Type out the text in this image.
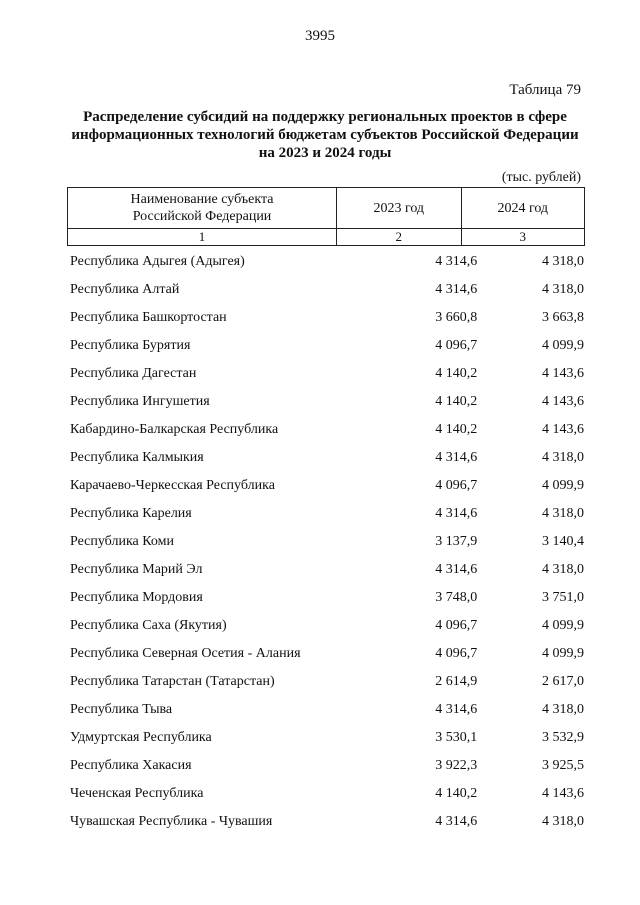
3995
Таблица 79
Распределение субсидий на поддержку региональных проектов в сфере
информационных технологий бюджетам субъектов Российской Федерации
на 2023 и 2024 годы
(тыс. рублей)
Наименование субъекта
Российской Федерации	2023 год	2024 год
1	2	3
Республика Адыгея (Адыгея)	4 314,6	4 318,0
Республика Алтай	4 314,6	4 318,0
Республика Башкортостан	3 660,8	3 663,8
Республика Бурятия	4 096,7	4 099,9
Республика Дагестан	4 140,2	4 143,6
Республика Ингушетия	4 140,2	4 143,6
Кабардино-Балкарская Республика	4 140,2	4 143,6
Республика Калмыкия	4 314,6	4 318,0
Карачаево-Черкесская Республика	4 096,7	4 099,9
Республика Карелия	4 314,6	4 318,0
Республика Коми	3 137,9	3 140,4
Республика Марий Эл	4 314,6	4 318,0
Республика Мордовия	3 748,0	3 751,0
Республика Саха (Якутия)	4 096,7	4 099,9
Республика Северная Осетия - Алания	4 096,7	4 099,9
Республика Татарстан (Татарстан)	2 614,9	2 617,0
Республика Тыва	4 314,6	4 318,0
Удмуртская Республика	3 530,1	3 532,9
Республика Хакасия	3 922,3	3 925,5
Чеченская Республика	4 140,2	4 143,6
Чувашская Республика - Чувашия	4 314,6	4 318,0
